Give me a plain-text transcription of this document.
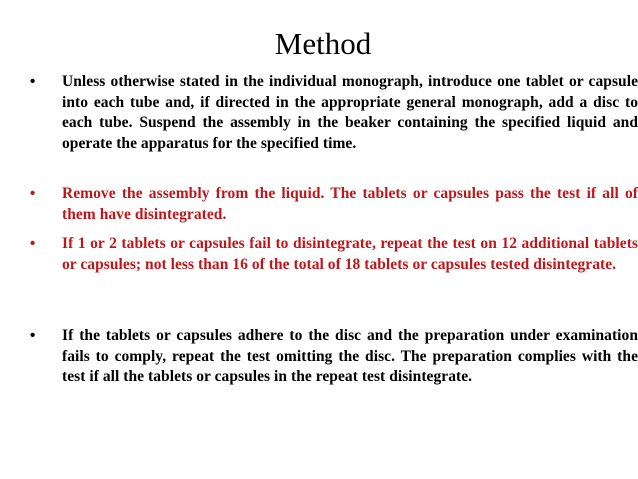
Method
• Unless otherwise stated in the individual monograph, introduce one tablet or capsule into each tube and, if directed in the appropriate general monograph, add a disc to each tube. Suspend the assembly in the beaker containing the specified liquid and operate the apparatus for the specified time.
• Remove the assembly from the liquid. The tablets or capsules pass the test if all of them have disintegrated.
• If 1 or 2 tablets or capsules fail to disintegrate, repeat the test on 12 additional tablets or capsules; not less than 16 of the total of 18 tablets or capsules tested disintegrate.
• If the tablets or capsules adhere to the disc and the preparation under examination fails to comply, repeat the test omitting the disc. The preparation complies with the test if all the tablets or capsules in the repeat test disintegrate.
